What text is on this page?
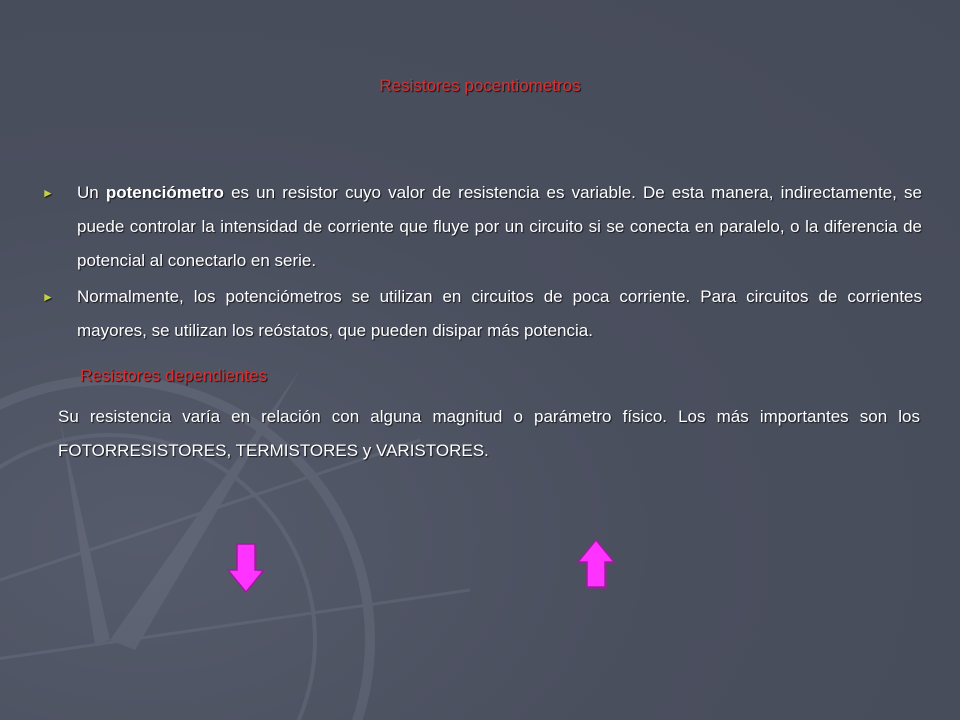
Resistores pocentiometros
► Un potenciómetro es un resistor cuyo valor de resistencia es variable. De esta manera, indirectamente, se puede controlar la intensidad de corriente que fluye por un circuito si se conecta en paralelo, o la diferencia de potencial al conectarlo en serie.
► Normalmente, los potenciómetros se utilizan en circuitos de poca corriente. Para circuitos de corrientes mayores, se utilizan los reóstatos, que pueden disipar más potencia.
Resistores dependientes
Su resistencia varía en relación con alguna magnitud o parámetro físico. Los más importantes son los FOTORRESISTORES, TERMISTORES y VARISTORES.
